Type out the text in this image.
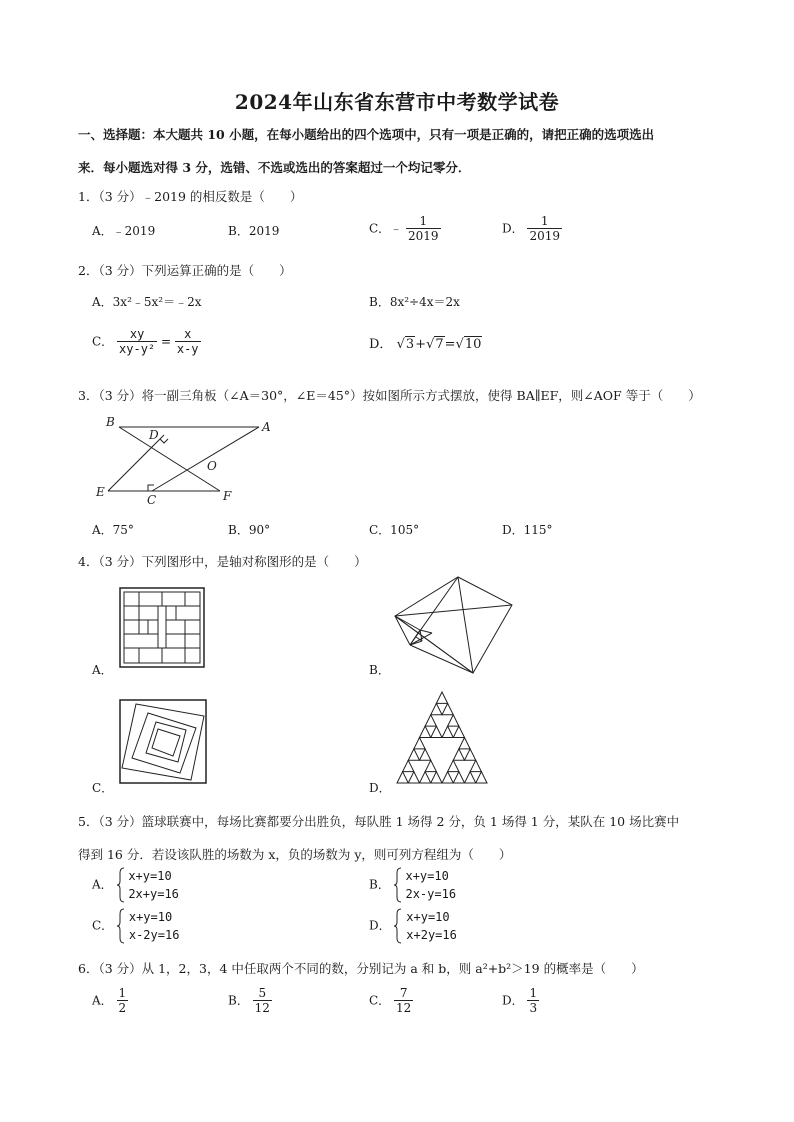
2024年山东省东营市中考数学试卷
一、选择题：本大题共 10 小题，在每小题给出的四个选项中，只有一项是正确的，请把正确的选项选出
来．每小题选对得 3 分，选错、不选或选出的答案超过一个均记零分．
1．（3 分）﹣2019 的相反数是（　　）
A．﹣2019	B．2019	C．﹣ $\frac{1}{2019}$	D． $\frac{1}{2019}$
2．（3 分）下列运算正确的是（　　）
A．3x²﹣5x²＝﹣2x	B．8x²÷4x＝2x
C． $\frac{xy}{\text{xy-y²}} = \frac{x}{x-y}$	D． √3+√7=√10
3．（3 分）将一副三角板（∠A＝30°，∠E＝45°）按如图所示方式摆放，使得 BA∥EF，则∠AOF 等于（　　）
B
D
A
O
E
C	F
A．75°	B．90°	C．105°	D．115°
4．（3 分）下列图形中，是轴对称图形的是（　　）
A．	B．
C．	D．
5．（3 分）篮球联赛中，每场比赛都要分出胜负，每队胜 1 场得 2 分，负 1 场得 1 分，某队在 10 场比赛中
得到 16 分．若设该队胜的场数为 x，负的场数为 y，则可列方程组为（　　）
A．
x+y=10
2x+y=16
B．
x+y=10
2x-y=16
C．
x+y=10
x-2y=16
D．
x+y=10
x+2y=16
6．（3 分）从 1，2，3，4 中任取两个不同的数，分别记为 a 和 b，则 a²+b²＞19 的概率是（　　）
A． $\frac{1}{2}$	B． $\frac{5}{12}$	C． $\frac{7}{12}$	D． $\frac{1}{3}$
